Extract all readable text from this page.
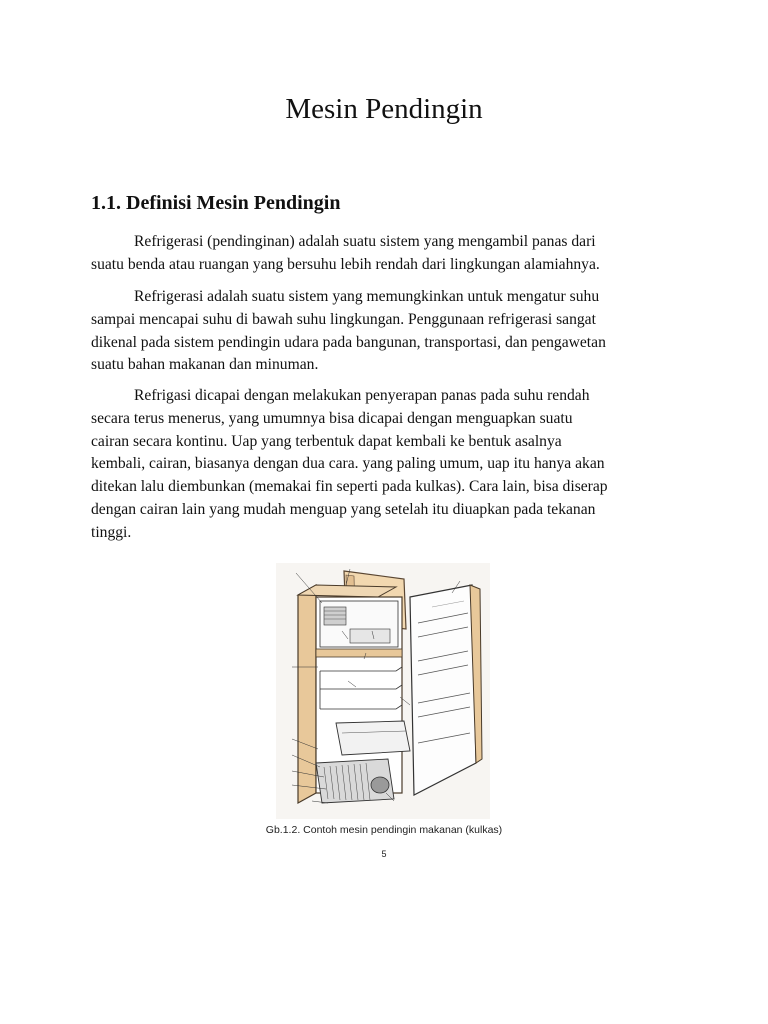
Mesin Pendingin
1.1. Definisi Mesin Pendingin

Refrigerasi (pendinginan) adalah suatu sistem yang mengambil panas dari
suatu benda atau ruangan yang bersuhu lebih rendah dari lingkungan alamiahnya.

Refrigerasi adalah suatu sistem yang memungkinkan untuk mengatur suhu
sampai mencapai suhu di bawah suhu lingkungan. Penggunaan refrigerasi sangat
dikenal pada sistem pendingin udara pada bangunan, transportasi, dan pengawetan
suatu bahan makanan dan minuman.

Refrigasi dicapai dengan melakukan penyerapan panas pada suhu rendah
secara terus menerus, yang umumnya bisa dicapai dengan menguapkan suatu
cairan secara kontinu. Uap yang terbentuk dapat kembali ke bentuk asalnya
kembali, cairan, biasanya dengan dua cara. yang paling umum, uap itu hanya akan
ditekan lalu diembunkan (memakai fin seperti pada kulkas). Cara lain, bisa diserap
dengan cairan lain yang mudah menguap yang setelah itu diuapkan pada tekanan
tinggi.

Gb.1.2. Contoh mesin pendingin makanan (kulkas)

5
